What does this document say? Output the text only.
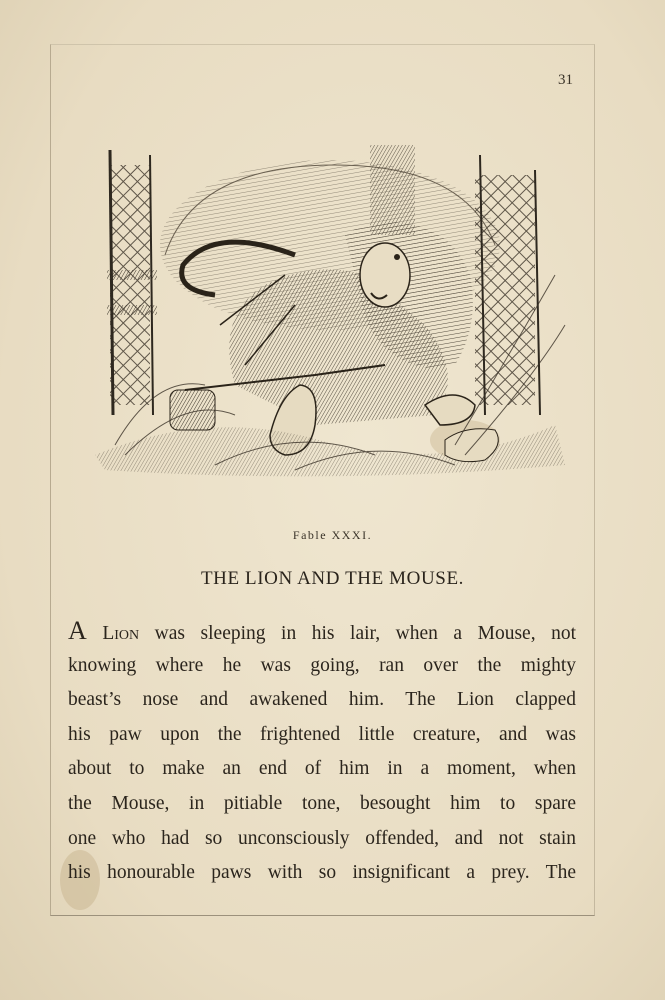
31
Fable XXXI.
THE LION AND THE MOUSE.
A Lion was sleeping in his lair, when a Mouse, not
knowing where he was going, ran over the mighty
beast’s nose and awakened him. The Lion clapped
his paw upon the frightened little creature, and was
about to make an end of him in a moment, when
the Mouse, in pitiable tone, besought him to spare
one who had so unconsciously offended, and not stain
his honourable paws with so insignificant a prey. The
